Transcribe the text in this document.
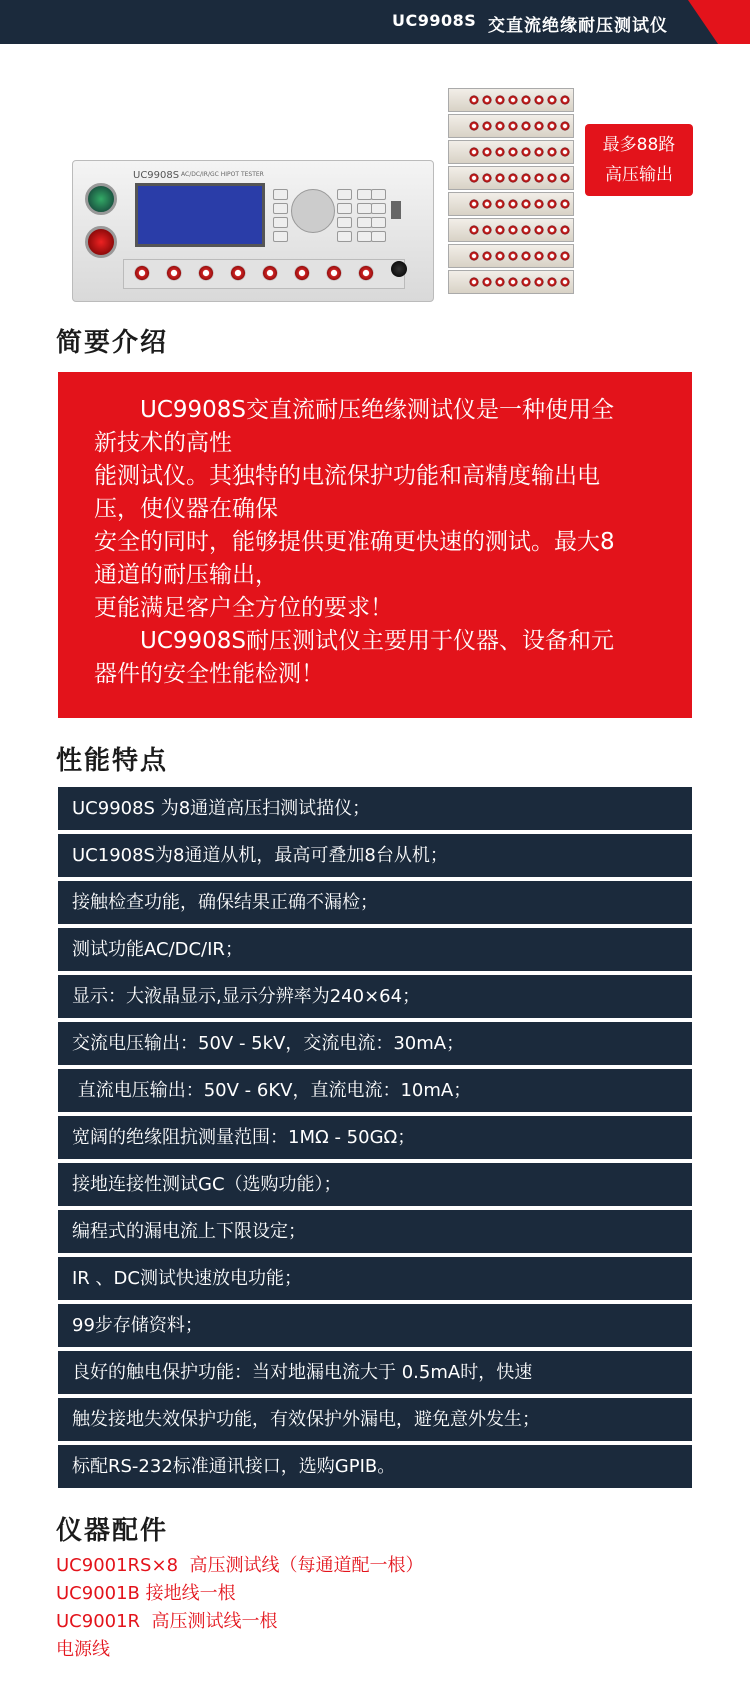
UC9908S 交直流绝缘耐压测试仪
UC9908S AC/DC/IR/GC HIPOT TESTER
最多88路
高压输出
简要介绍

　　UC9908S交直流耐压绝缘测试仪是一种使用全

新技术的高性

能测试仪。其独特的电流保护功能和高精度输出电

压，使仪器在确保

安全的同时，能够提供更准确更快速的测试。最大8

通道的耐压输出，

更能满足客户全方位的要求！

　　UC9908S耐压测试仪主要用于仪器、设备和元

器件的安全性能检测！

性能特点
UC9908S 为8通道高压扫测试描仪；
UC1908S为8通道从机，最高可叠加8台从机；
接触检查功能，确保结果正确不漏检；
测试功能AC/DC/IR；
显示：大液晶显示,显示分辨率为240×64；
交流电压输出：50V - 5kV，交流电流：30mA；
直流电压输出：50V - 6KV，直流电流：10mA；
宽阔的绝缘阻抗测量范围：1MΩ - 50GΩ；
接地连接性测试GC（选购功能）；
编程式的漏电流上下限设定；
IR 、DC测试快速放电功能；
99步存储资料；
良好的触电保护功能：当对地漏电流大于 0.5mA时，快速
触发接地失效保护功能，有效保护外漏电，避免意外发生；
标配RS-232标准通讯接口，选购GPIB。
仪器配件
UC9001RS×8  高压测试线（每通道配一根）
UC9001B 接地线一根
UC9001R  高压测试线一根
电源线
